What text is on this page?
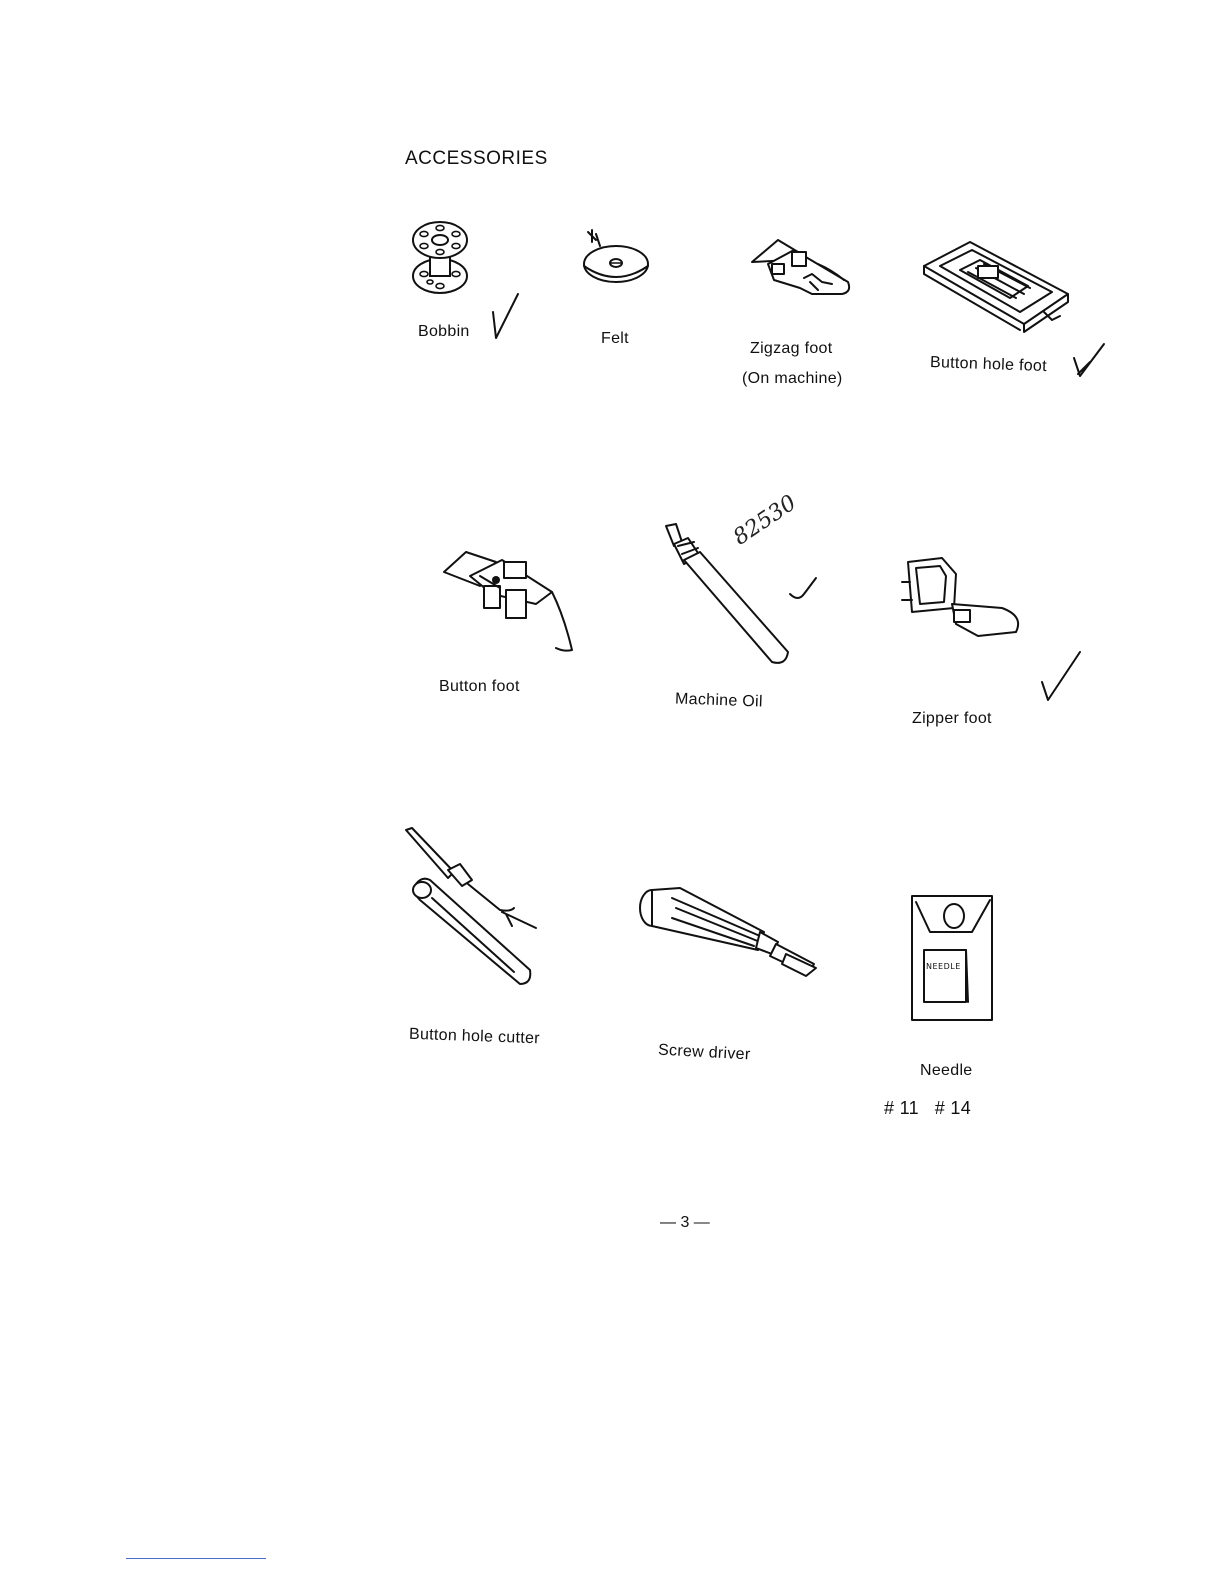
ACCESSORIES
Bobbin	Felt
Zigzag foot
(On machine)
Button hole foot
Button foot
82530
Machine Oil
Zipper foot
Button hole cutter
Screw driver
NEEDLE
Needle
# 11   # 14
— 3 —
